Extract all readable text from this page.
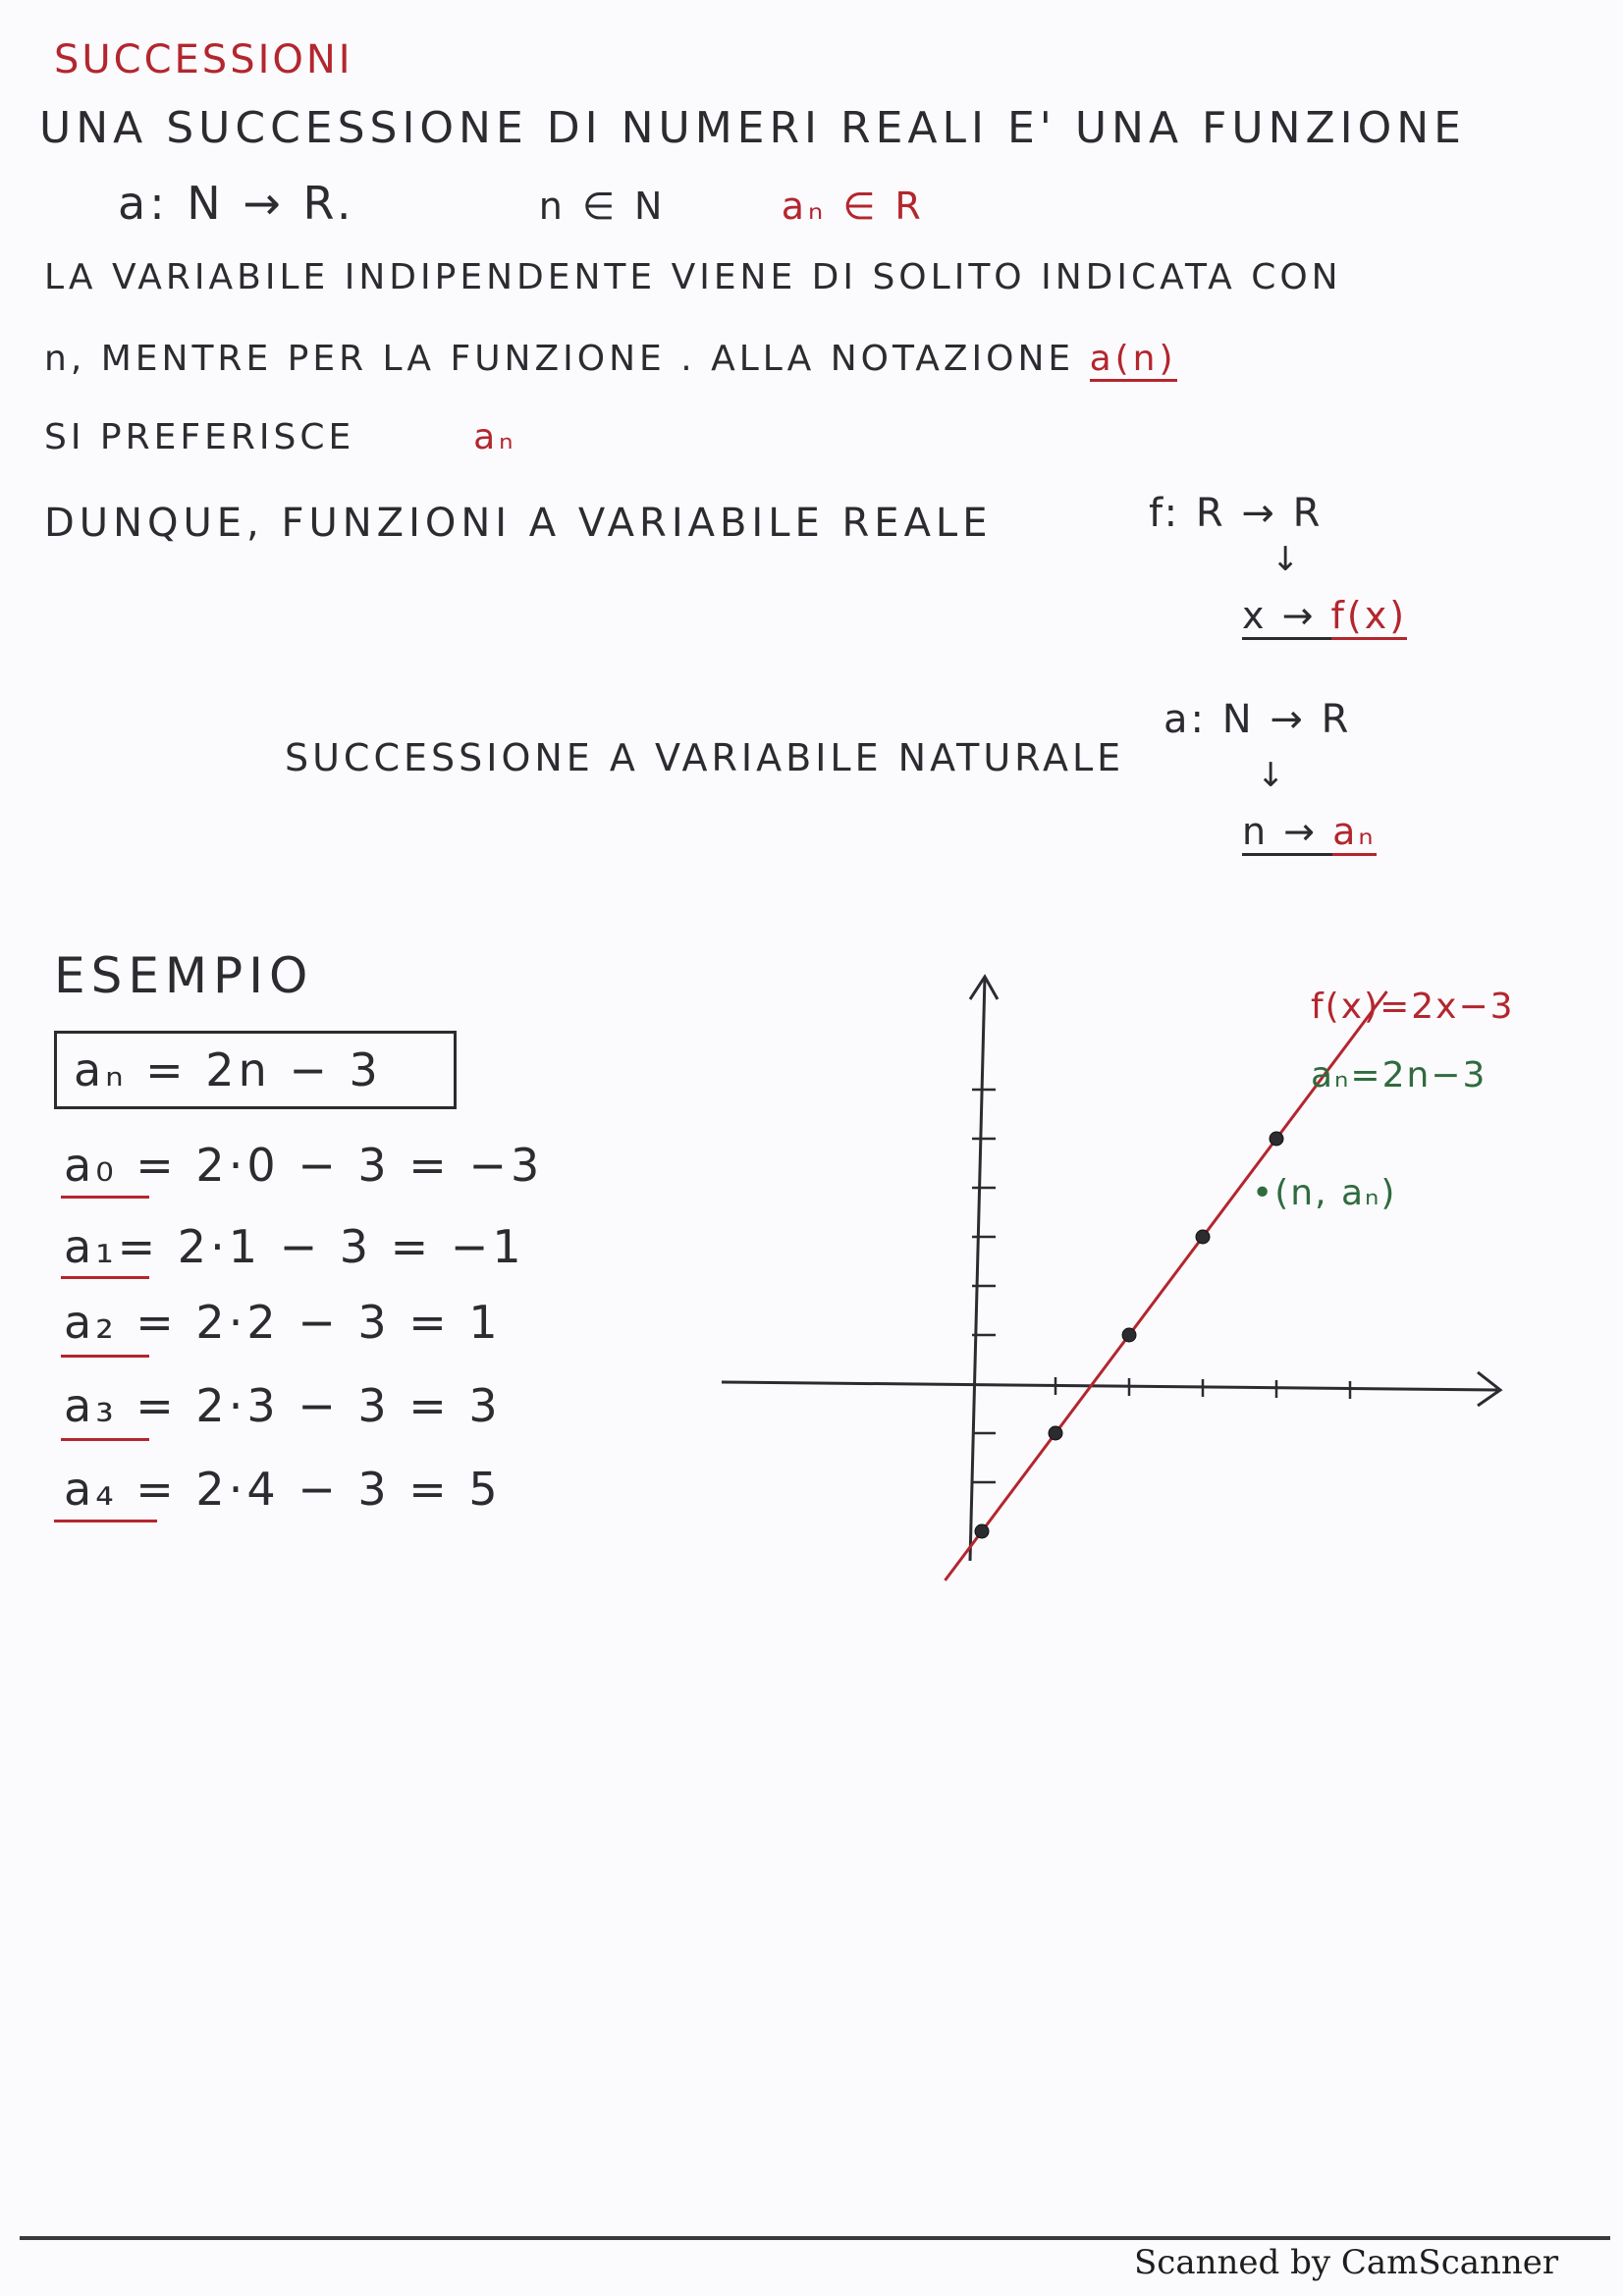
SUCCESSIONI
UNA SUCCESSIONE DI NUMERI REALI E' UNA FUNZIONE
a: N → R.	n ∈ N	aₙ ∈ R
LA VARIABILE INDIPENDENTE VIENE DI SOLITO INDICATA CON
n, MENTRE PER LA FUNZIONE . ALLA NOTAZIONE a(n)
SI PREFERISCE	aₙ
DUNQUE, FUNZIONI A VARIABILE REALE	f: R → R
↓
x → f(x)
SUCCESSIONE A VARIABILE NATURALE
a: N → R
↓
n → aₙ
ESEMPIO
aₙ = 2n − 3
a₀ = 2·0 − 3 = −3
a₁= 2·1 − 3 = −1
a₂ = 2·2 − 3 = 1
a₃ = 2·3 − 3 = 3
a₄ = 2·4 − 3 = 5
f(x)=2x−3
aₙ=2n−3
•(n, aₙ)
Scanned by CamScanner
